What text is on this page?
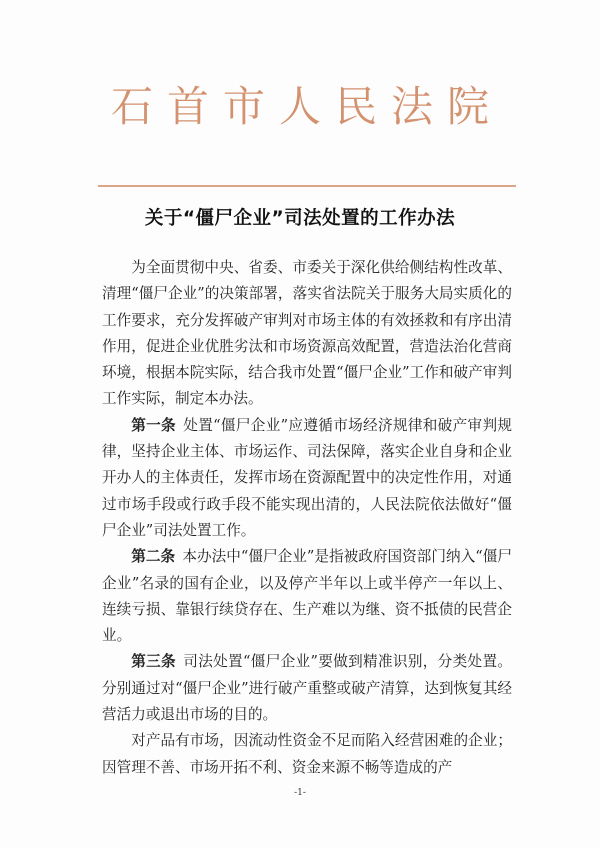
石首市人民法院
关于“僵尸企业”司法处置的工作办法

为全面贯彻中央、省委、市委关于深化供给侧结构性改革、清理“僵尸企业”的决策部署，落实省法院关于服务大局实质化的工作要求，充分发挥破产审判对市场主体的有效拯救和有序出清作用，促进企业优胜劣汰和市场资源高效配置，营造法治化营商环境，根据本院实际，结合我市处置“僵尸企业”工作和破产审判工作实际，制定本办法。

第一条 处置“僵尸企业”应遵循市场经济规律和破产审判规律，坚持企业主体、市场运作、司法保障，落实企业自身和企业开办人的主体责任，发挥市场在资源配置中的决定性作用，对通过市场手段或行政手段不能实现出清的，人民法院依法做好“僵尸企业”司法处置工作。

第二条 本办法中“僵尸企业”是指被政府国资部门纳入“僵尸企业”名录的国有企业，以及停产半年以上或半停产一年以上、连续亏损、靠银行续贷存在、生产难以为继、资不抵债的民营企业。

第三条 司法处置“僵尸企业”要做到精准识别，分类处置。分别通过对“僵尸企业”进行破产重整或破产清算，达到恢复其经营活力或退出市场的目的。

对产品有市场，因流动性资金不足而陷入经营困难的企业；因管理不善、市场开拓不利、资金来源不畅等造成的产

-1-
